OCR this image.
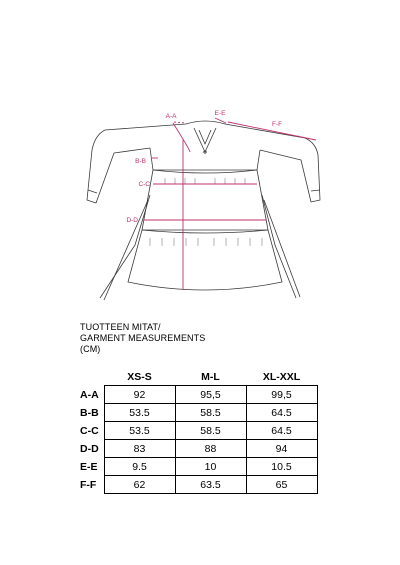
A-A	E-E
F-F
B-B
C-C
D-D
TUOTTEEN MITAT/
GARMENT MEASUREMENTS
(CM)
	XS-S	M-L	XL-XXL
A-A	92	95,5	99,5
B-B	53.5	58.5	64.5
C-C	53.5	58.5	64.5
D-D	83	88	94
E-E	9.5	10	10.5
F-F	62	63.5	65
